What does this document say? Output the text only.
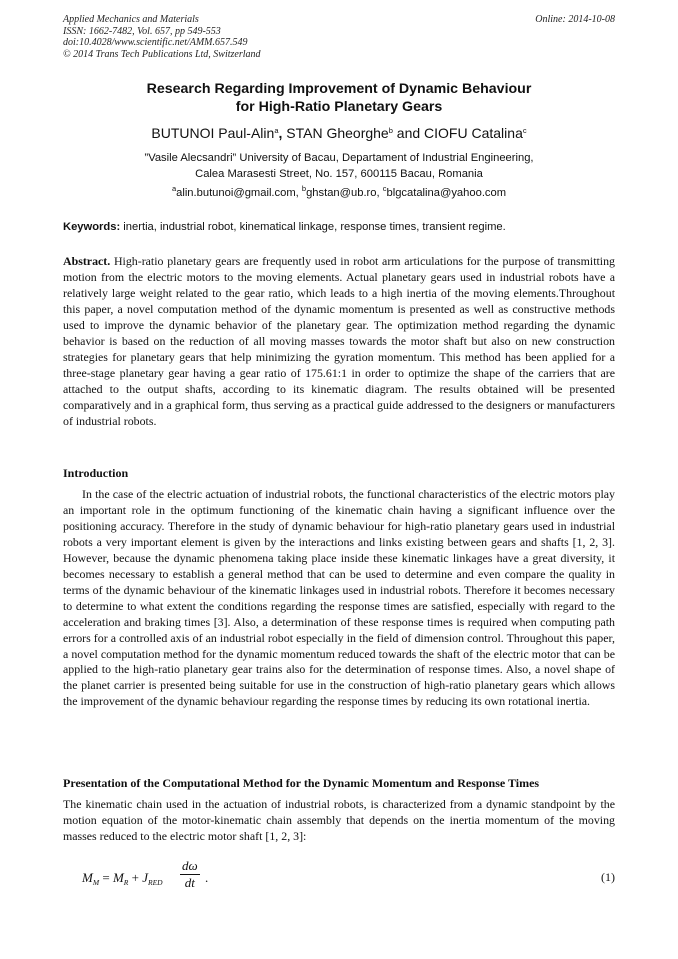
Applied Mechanics and Materials
ISSN: 1662-7482, Vol. 657, pp 549-553
doi:10.4028/www.scientific.net/AMM.657.549
© 2014 Trans Tech Publications Ltd, Switzerland
Online: 2014-10-08
Research Regarding Improvement of Dynamic Behaviour
for High-Ratio Planetary Gears
BUTUNOI Paul-Alin$^a$, STAN Gheorghe$^b$ and CIOFU Catalina$^c$
”Vasile Alecsandri” University of Bacau, Departament of Industrial Engineering,
Calea Marasesti Street, No. 157, 600115 Bacau, Romania
$^a$alin.butunoi@gmail.com, $^b$ghstan@ub.ro, $^c$blgcatalina@yahoo.com
Keywords: inertia, industrial robot, kinematical linkage, response times, transient regime.
Abstract. High-ratio planetary gears are frequently used in robot arm articulations for the purpose of transmitting motion from the electric motors to the moving elements. Actual planetary gears used in industrial robots have a relatively large weight related to the gear ratio, which leads to a high inertia of the moving elements.Throughout this paper, a novel computation method of the dynamic momentum is presented as well as constructive methods used to improve the dynamic behavior of the planetary gear. The optimization method regarding the dynamic behavior is based on the reduction of all moving masses towards the motor shaft but also on new construction strategies for planetary gears that help minimizing the gyration momentum. This method has been applied for a three-stage planetary gear having a gear ratio of 175.61:1 in order to optimize the shape of the carriers that are attached to the output shafts, according to its kinematic diagram. The results obtained will be presented comparatively and in a graphical form, thus serving as a practical guide addressed to the designers or manufacturers of industrial robots.
Introduction
In the case of the electric actuation of industrial robots, the functional characteristics of the electric motors play an important role in the optimum functioning of the kinematic chain having a significant influence over the positioning accuracy. Therefore in the study of dynamic behaviour for high-ratio planetary gears used in industrial robots a very important element is given by the interactions and links existing between gears and shafts [1, 2, 3]. However, because the dynamic phenomena taking place inside these kinematic linkages have a great diversity, it becomes necessary to establish a general method that can be used to determine and even compare the quality in terms of the dynamic behaviour of the kinematic linkages used in industrial robots. Therefore it becomes necessary to determine to what extent the conditions regarding the response times are satisfied, especially with regard to the acceleration and braking times [3]. Also, a determination of these response times is required when computing path errors for a controlled axis of an industrial robot especially in the field of dimension control. Throughout this paper, a novel computation method for the dynamic momentum reduced towards the shaft of the electric motor that can be applied to the high-ratio planetary gear trains also for the determination of response times. Also, a novel shape of the planet carrier is presented being suitable for use in the construction of high-ratio planetary gears which allows the improvement of the dynamic behaviour regarding the response times by reducing its own rotational inertia.
Presentation of the Computational Method for the Dynamic Momentum and Response Times
The kinematic chain used in the actuation of industrial robots, is characterized from a dynamic standpoint by the motion equation of the motor-kinematic chain assembly that depends on the inertia momentum of the moving masses reduced to the electric motor shaft [1, 2, 3]:
$M_M = M_R + J_{RED} \frac{d\omega}{dt}$ .	(1)
